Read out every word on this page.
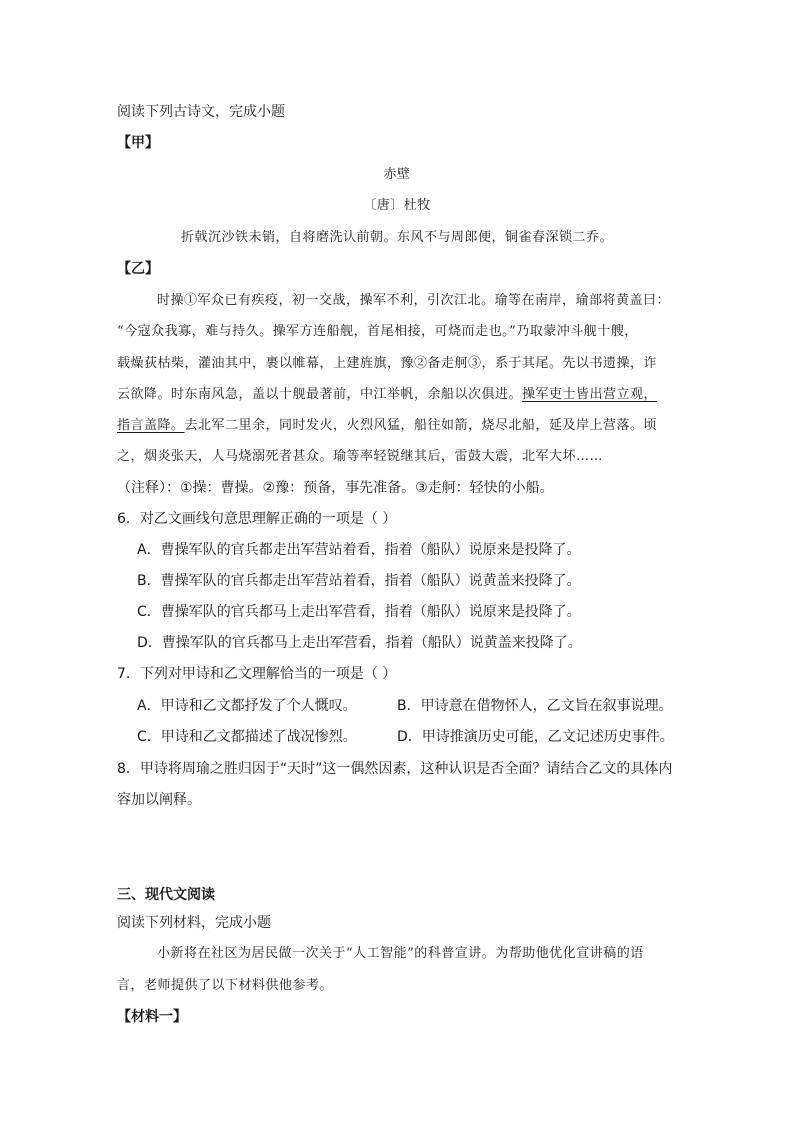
阅读下列古诗文，完成小题
【甲】
赤壁
〔唐〕杜牧
折戟沉沙铁未销，自将磨洗认前朝。东风不与周郎便，铜雀春深锁二乔。
【乙】
时操①军众已有疾疫，初一交战，操军不利，引次江北。瑜等在南岸，瑜部将黄盖曰：
“今寇众我寡，难与持久。操军方连船舰，首尾相接，可烧而走也。”乃取蒙冲斗舰十艘，
载燥荻枯柴，灌油其中，裹以帷幕，上建旌旗，豫②备走舸③，系于其尾。先以书遗操，诈
云欲降。时东南风急，盖以十舰最著前，中江举帆，余船以次俱进。操军吏士皆出营立观，
指言盖降。去北军二里余，同时发火，火烈风猛，船往如箭，烧尽北船，延及岸上营落。顷
之，烟炎张天，人马烧溺死者甚众。瑜等率轻锐继其后，雷鼓大震，北军大坏……
（注释）：①操：曹操。②豫：预备，事先准备。③走舸：轻快的小船。
6．对乙文画线句意思理解正确的一项是（ ）
A．曹操军队的官兵都走出军营站着看，指着（船队）说原来是投降了。
B．曹操军队的官兵都走出军营站着看，指着（船队）说黄盖来投降了。
C．曹操军队的官兵都马上走出军营看，指着（船队）说原来是投降了。
D．曹操军队的官兵都马上走出军营看，指着（船队）说黄盖来投降了。
7．下列对甲诗和乙文理解恰当的一项是（ ）
A．甲诗和乙文都抒发了个人慨叹。	B．甲诗意在借物怀人，乙文旨在叙事说理。
C．甲诗和乙文都描述了战况惨烈。	D．甲诗推演历史可能，乙文记述历史事件。
8．甲诗将周瑜之胜归因于“天时”这一偶然因素，这种认识是否全面？请结合乙文的具体内
容加以阐释。
三、现代文阅读
阅读下列材料，完成小题
小新将在社区为居民做一次关于“人工智能”的科普宣讲。为帮助他优化宣讲稿的语
言，老师提供了以下材料供他参考。
【材料一】
